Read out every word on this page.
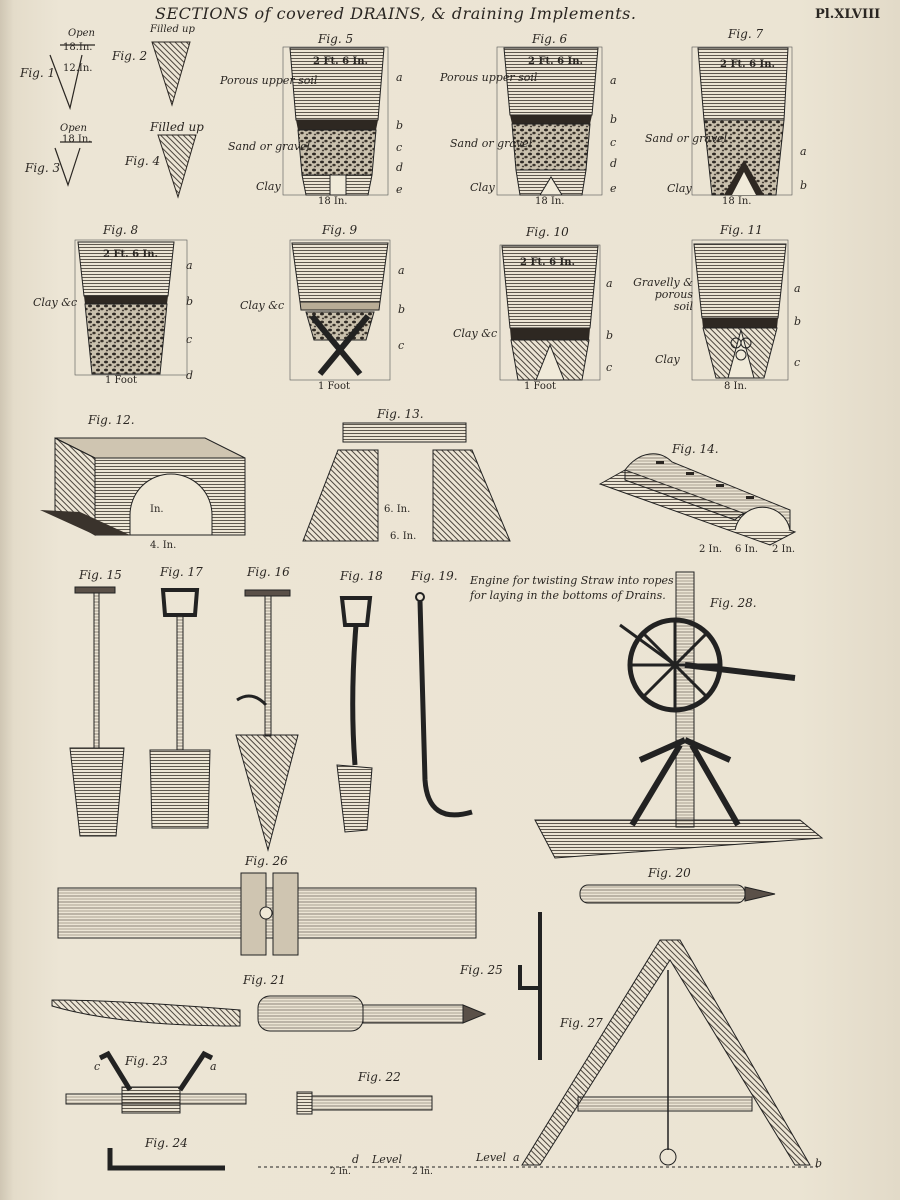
SECTIONS of covered DRAINS, & draining Implements.	Pl.XLVIII
Fig. 1
Open
18.In.
12.In.
Fig. 2
Filled up
Fig. 3
Open
18 In.
Fig. 4
Filled up
Fig. 5
2 Ft. 6 In.
Porous upper soil
Sand or gravel
Clay
18 In.
a
b
c
d
e
Fig. 6
2 Ft. 6 In.
Porous upper soil
Sand or gravel
Clay
18 In.
a
b
c
d
e
Fig. 7
2 Ft. 6 In.
Sand or gravel
Clay
18 In.
a
b
Fig. 8
2 Ft. 6 In.
Clay &c
1 Foot
a
b
c
d
Fig. 9
Clay &c
1 Foot
a
b
c
Fig. 10
2 Ft. 6 In.
Clay &c
1 Foot
a
b
c
Fig. 11
Gravelly & porous soil
Clay
8 In.
a
b
c
Fig. 12.
4. In.
In.
Fig. 13.
6. In.
6. In.
Fig. 14.
2 In. 6 In. 2 In.
Fig. 15	Fig. 17	Fig. 16	Fig. 18 Fig. 19. Engine for twisting Straw into ropes
for laying in the bottoms of Drains.
Fig. 28.
Fig. 26
Fig. 20
Fig. 21
Fig. 25
Fig. 27
Fig. 23
c	a
Fig. 22
Fig. 24
d Level	Level a	b
2 In.	2 In.
